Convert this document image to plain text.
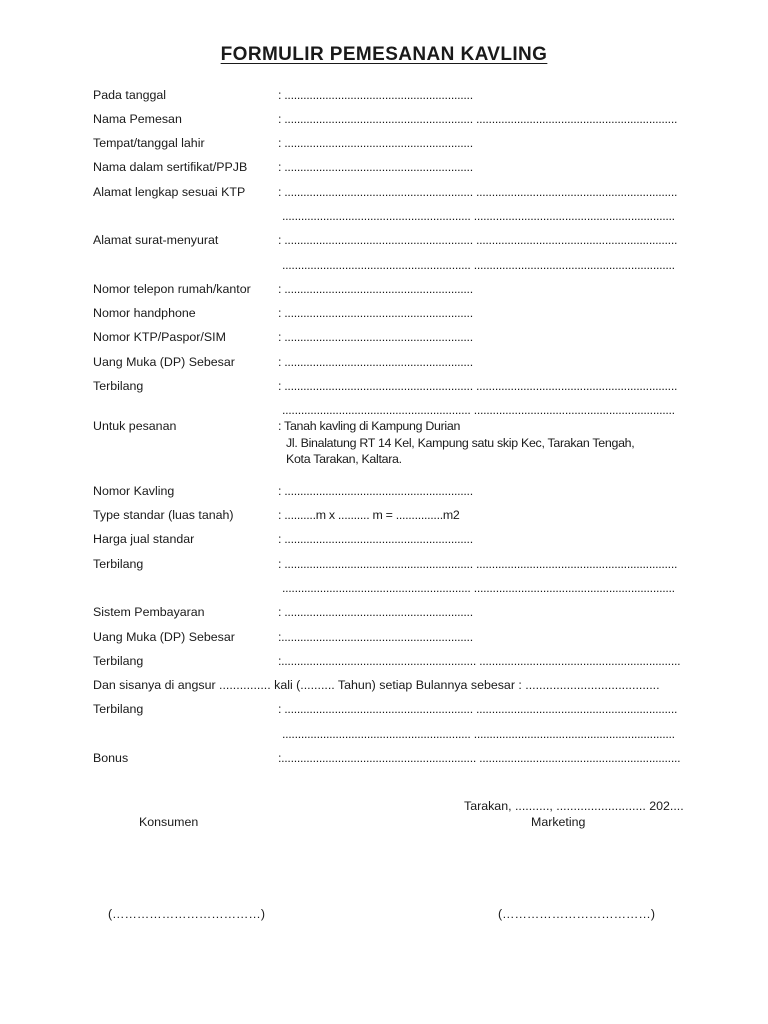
FORMULIR PEMESANAN KAVLING
Pada tanggal	: ............................................................
Nama Pemesan	: ............................................................ ................................................................
Tempat/tanggal lahir	: ............................................................
Nama dalam sertifikat/PPJB : ............................................................
Alamat lengkap sesuai KTP	: ............................................................ ................................................................
............................................................ ................................................................
Alamat surat-menyurat	: ............................................................ ................................................................
............................................................ ................................................................
Nomor telepon rumah/kantor : ............................................................
Nomor handphone	: ............................................................
Nomor KTP/Paspor/SIM	: ............................................................
Uang Muka (DP) Sebesar	: ............................................................
Terbilang	: ............................................................ ................................................................
............................................................ ................................................................
Untuk pesanan	: Tanah kavling di Kampung Durian
Jl. Binalatung RT 14 Kel, Kampung satu skip Kec, Tarakan Tengah,
Kota Tarakan, Kaltara.
Nomor Kavling	: ............................................................
Type standar (luas tanah)	: ..........m x .......... m = ...............m2
Harga jual standar	: ............................................................
Terbilang	: ............................................................ ................................................................
............................................................ ................................................................
Sistem Pembayaran	: ............................................................
Uang Muka (DP) Sebesar	:.............................................................
Terbilang	:.............................................................. ................................................................
Dan sisanya di angsur ............... kali (.......... Tahun) setiap Bulannya sebesar : .......................................
Terbilang	: ............................................................ ................................................................
............................................................ ................................................................
Bonus	:.............................................................. ................................................................
Tarakan, .........., .......................... 202....
Konsumen	Marketing
(………………………………)	(………………………………)
